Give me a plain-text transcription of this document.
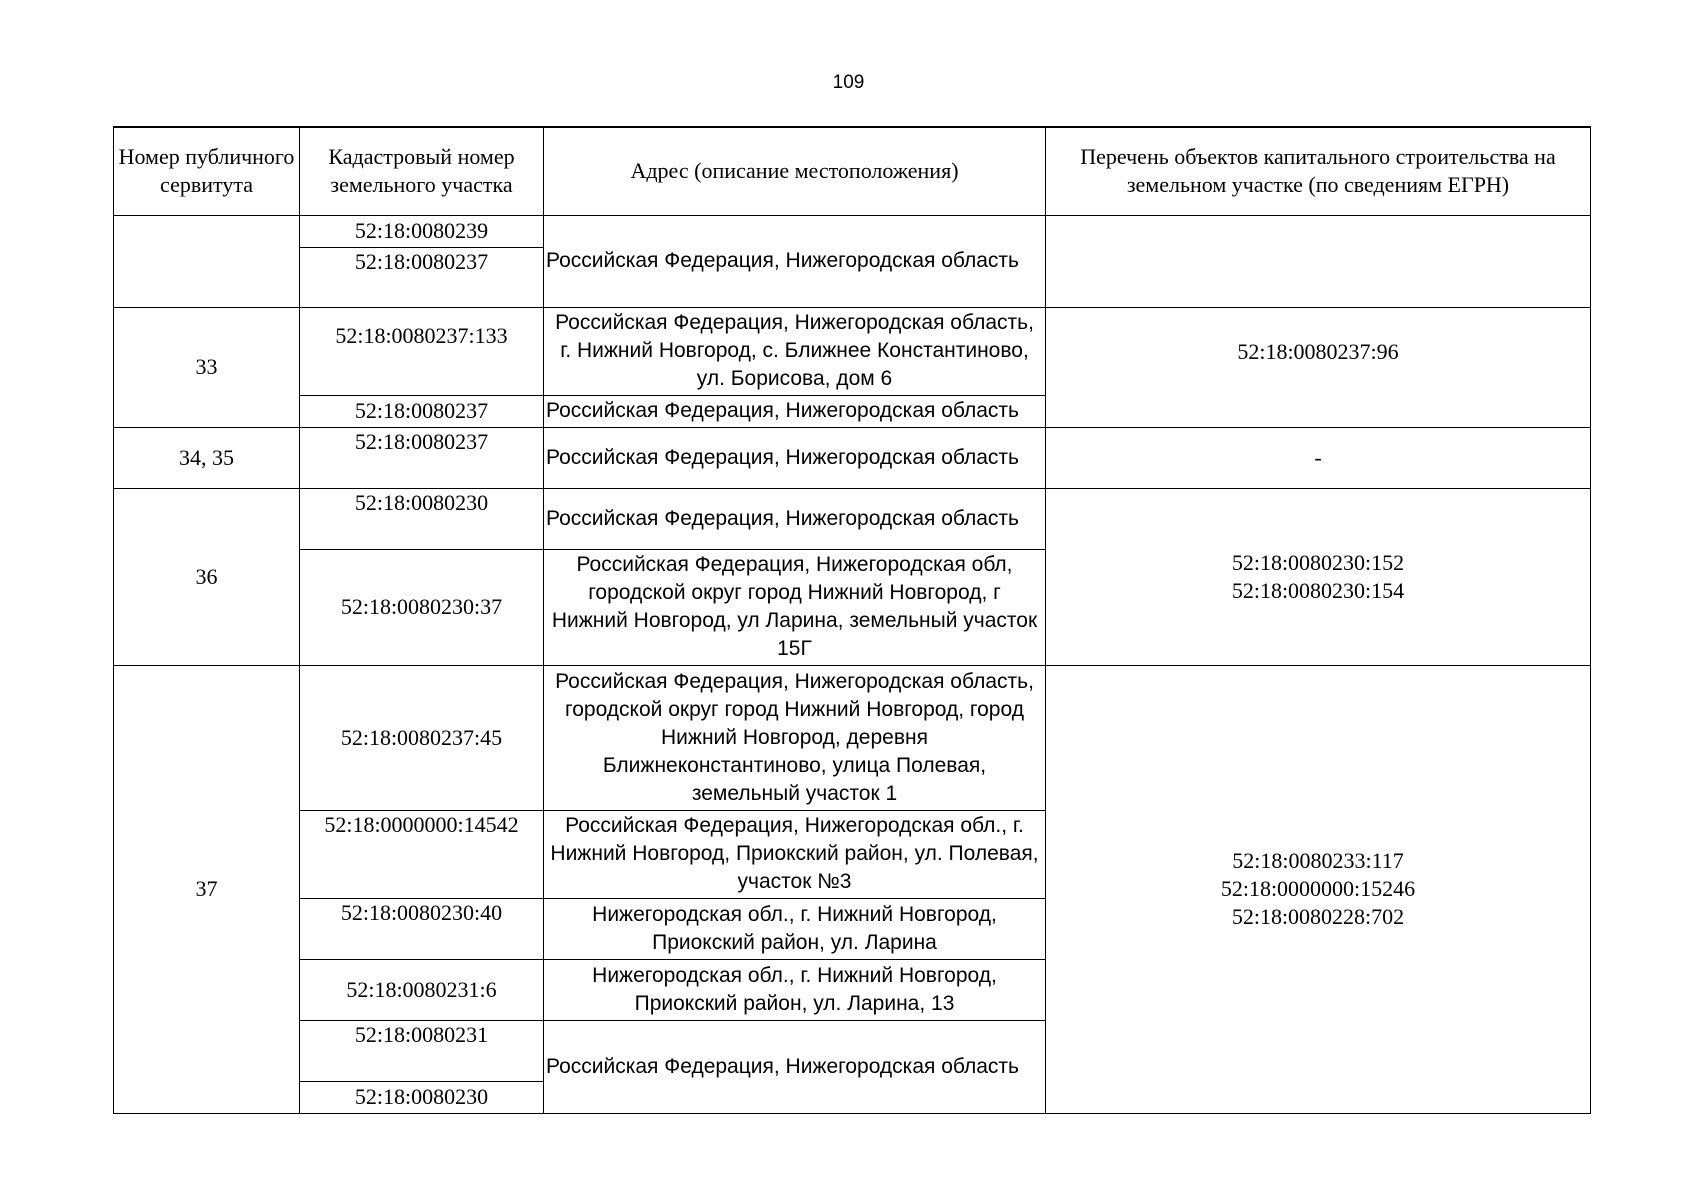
109
Номер публичного сервитута	Кадастровый номер земельного участка	Адрес (описание местоположения)	Перечень объектов капитального строительства на земельном участке (по сведениям ЕГРН)
	52:18:0080239	Российская Федерация, Нижегородская область	
	52:18:0080237		
33	52:18:0080237:133	Российская Федерация, Нижегородская область, г. Нижний Новгород, с. Ближнее Константиново, ул. Борисова, дом 6	52:18:0080237:96
	52:18:0080237	Российская Федерация, Нижегородская область	
34, 35	52:18:0080237	Российская Федерация, Нижегородская область	-
36	52:18:0080230	Российская Федерация, Нижегородская область	52:18:0080230:152
52:18:0080230:154

	52:18:0080230:37	Российская Федерация, Нижегородская обл, городской округ город Нижний Новгород, г Нижний Новгород, ул Ларина, земельный участок 15Г	
37	52:18:0080237:45	Российская Федерация, Нижегородская область, городской округ город Нижний Новгород, город Нижний Новгород, деревня Ближнеконстантиново, улица Полевая, земельный участок 1	52:18:0080233:117
52:18:0000000:15246
52:18:0080228:702

	52:18:0000000:14542	Российская Федерация, Нижегородская обл., г. Нижний Новгород, Приокский район, ул. Полевая, участок №3	
	52:18:0080230:40	Нижегородская обл., г. Нижний Новгород, Приокский район, ул. Ларина	
	52:18:0080231:6	Нижегородская обл., г. Нижний Новгород, Приокский район, ул. Ларина, 13	
	52:18:0080231	Российская Федерация, Нижегородская область	
	52:18:0080230		
